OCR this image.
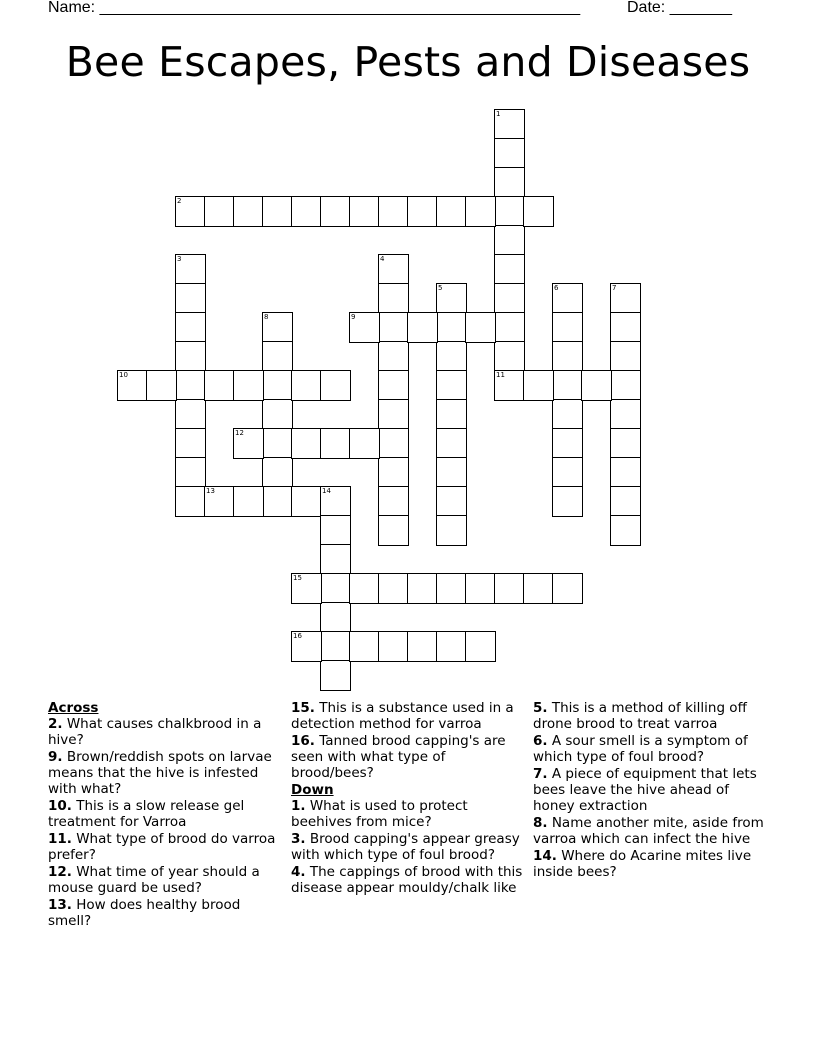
Name: ______________________________________________________	Date: _______
Bee Escapes, Pests and Diseases
1
11
2
3	4
5	6	7
8	9
10
12
13	14
15
16
Across
2. What causes chalkbrood in a hive?
9. Brown/reddish spots on larvae means that the hive is infested with what?
10. This is a slow release gel treatment for Varroa
11. What type of brood do varroa prefer?
12. What time of year should a mouse guard be used?
13. How does healthy brood smell?
15. This is a substance used in a detection method for varroa
16. Tanned brood capping's are seen with what type of brood/bees?
Down
1. What is used to protect beehives from mice?
3. Brood capping's appear greasy with which type of foul brood?
4. The cappings of brood with this disease appear mouldy/chalk like
5. This is a method of killing off drone brood to treat varroa
6. A sour smell is a symptom of which type of foul brood?
7. A piece of equipment that lets bees leave the hive ahead of honey extraction
8. Name another mite, aside from varroa which can infect the hive
14. Where do Acarine mites live inside bees?
